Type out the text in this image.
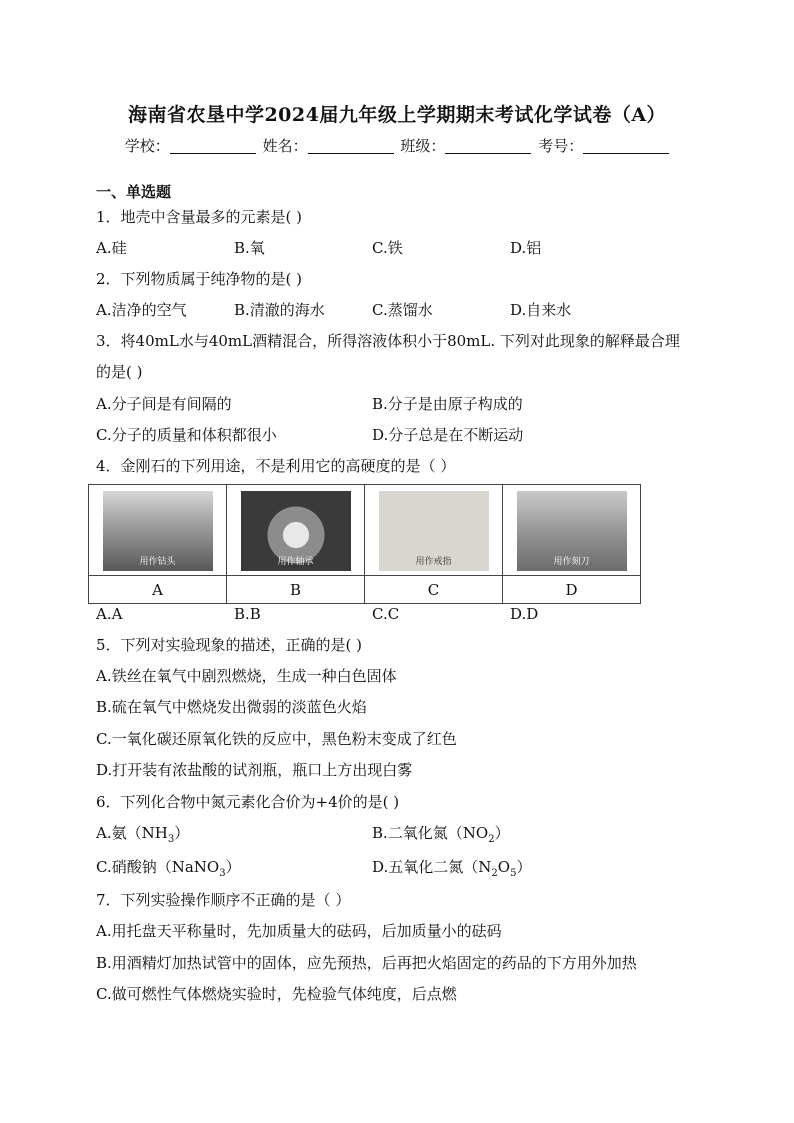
海南省农垦中学2024届九年级上学期期末考试化学试卷（A）
学校：	姓名：	班级：	考号：
一、单选题
1．地壳中含量最多的元素是( )
A.硅	B.氧	C.铁	D.铝
2．下列物质属于纯净物的是( )
A.洁净的空气	B.清澈的海水	C.蒸馏水	D.自来水
3．将40mL水与40mL酒精混合，所得溶液体积小于80mL. 下列对此现象的解释最合理
的是( )
A.分子间是有间隔的	B.分子是由原子构成的
C.分子的质量和体积都很小	D.分子总是在不断运动
4．金刚石的下列用途，不是利用它的高硬度的是（ ）
用作钻头	用作轴承	用作戒指	用作刻刀

A	B	C	D
A.A	B.B	C.C	D.D
5．下列对实验现象的描述，正确的是( )
A.铁丝在氧气中剧烈燃烧，生成一种白色固体
B.硫在氧气中燃烧发出微弱的淡蓝色火焰
C.一氧化碳还原氧化铁的反应中，黑色粉末变成了红色
D.打开装有浓盐酸的试剂瓶，瓶口上方出现白雾
6．下列化合物中氮元素化合价为+4价的是( )
A.氨$(NH_3)$	B.二氧化氮$(NO_2)$
C.硝酸钠（NaNO$_3$）	D.五氧化二氮$(N_2O_5)$
7．下列实验操作顺序不正确的是（ ）
A.用托盘天平称量时，先加质量大的砝码，后加质量小的砝码
B.用酒精灯加热试管中的固体，应先预热，后再把火焰固定的药品的下方用外加热
C.做可燃性气体燃烧实验时，先检验气体纯度，后点燃
